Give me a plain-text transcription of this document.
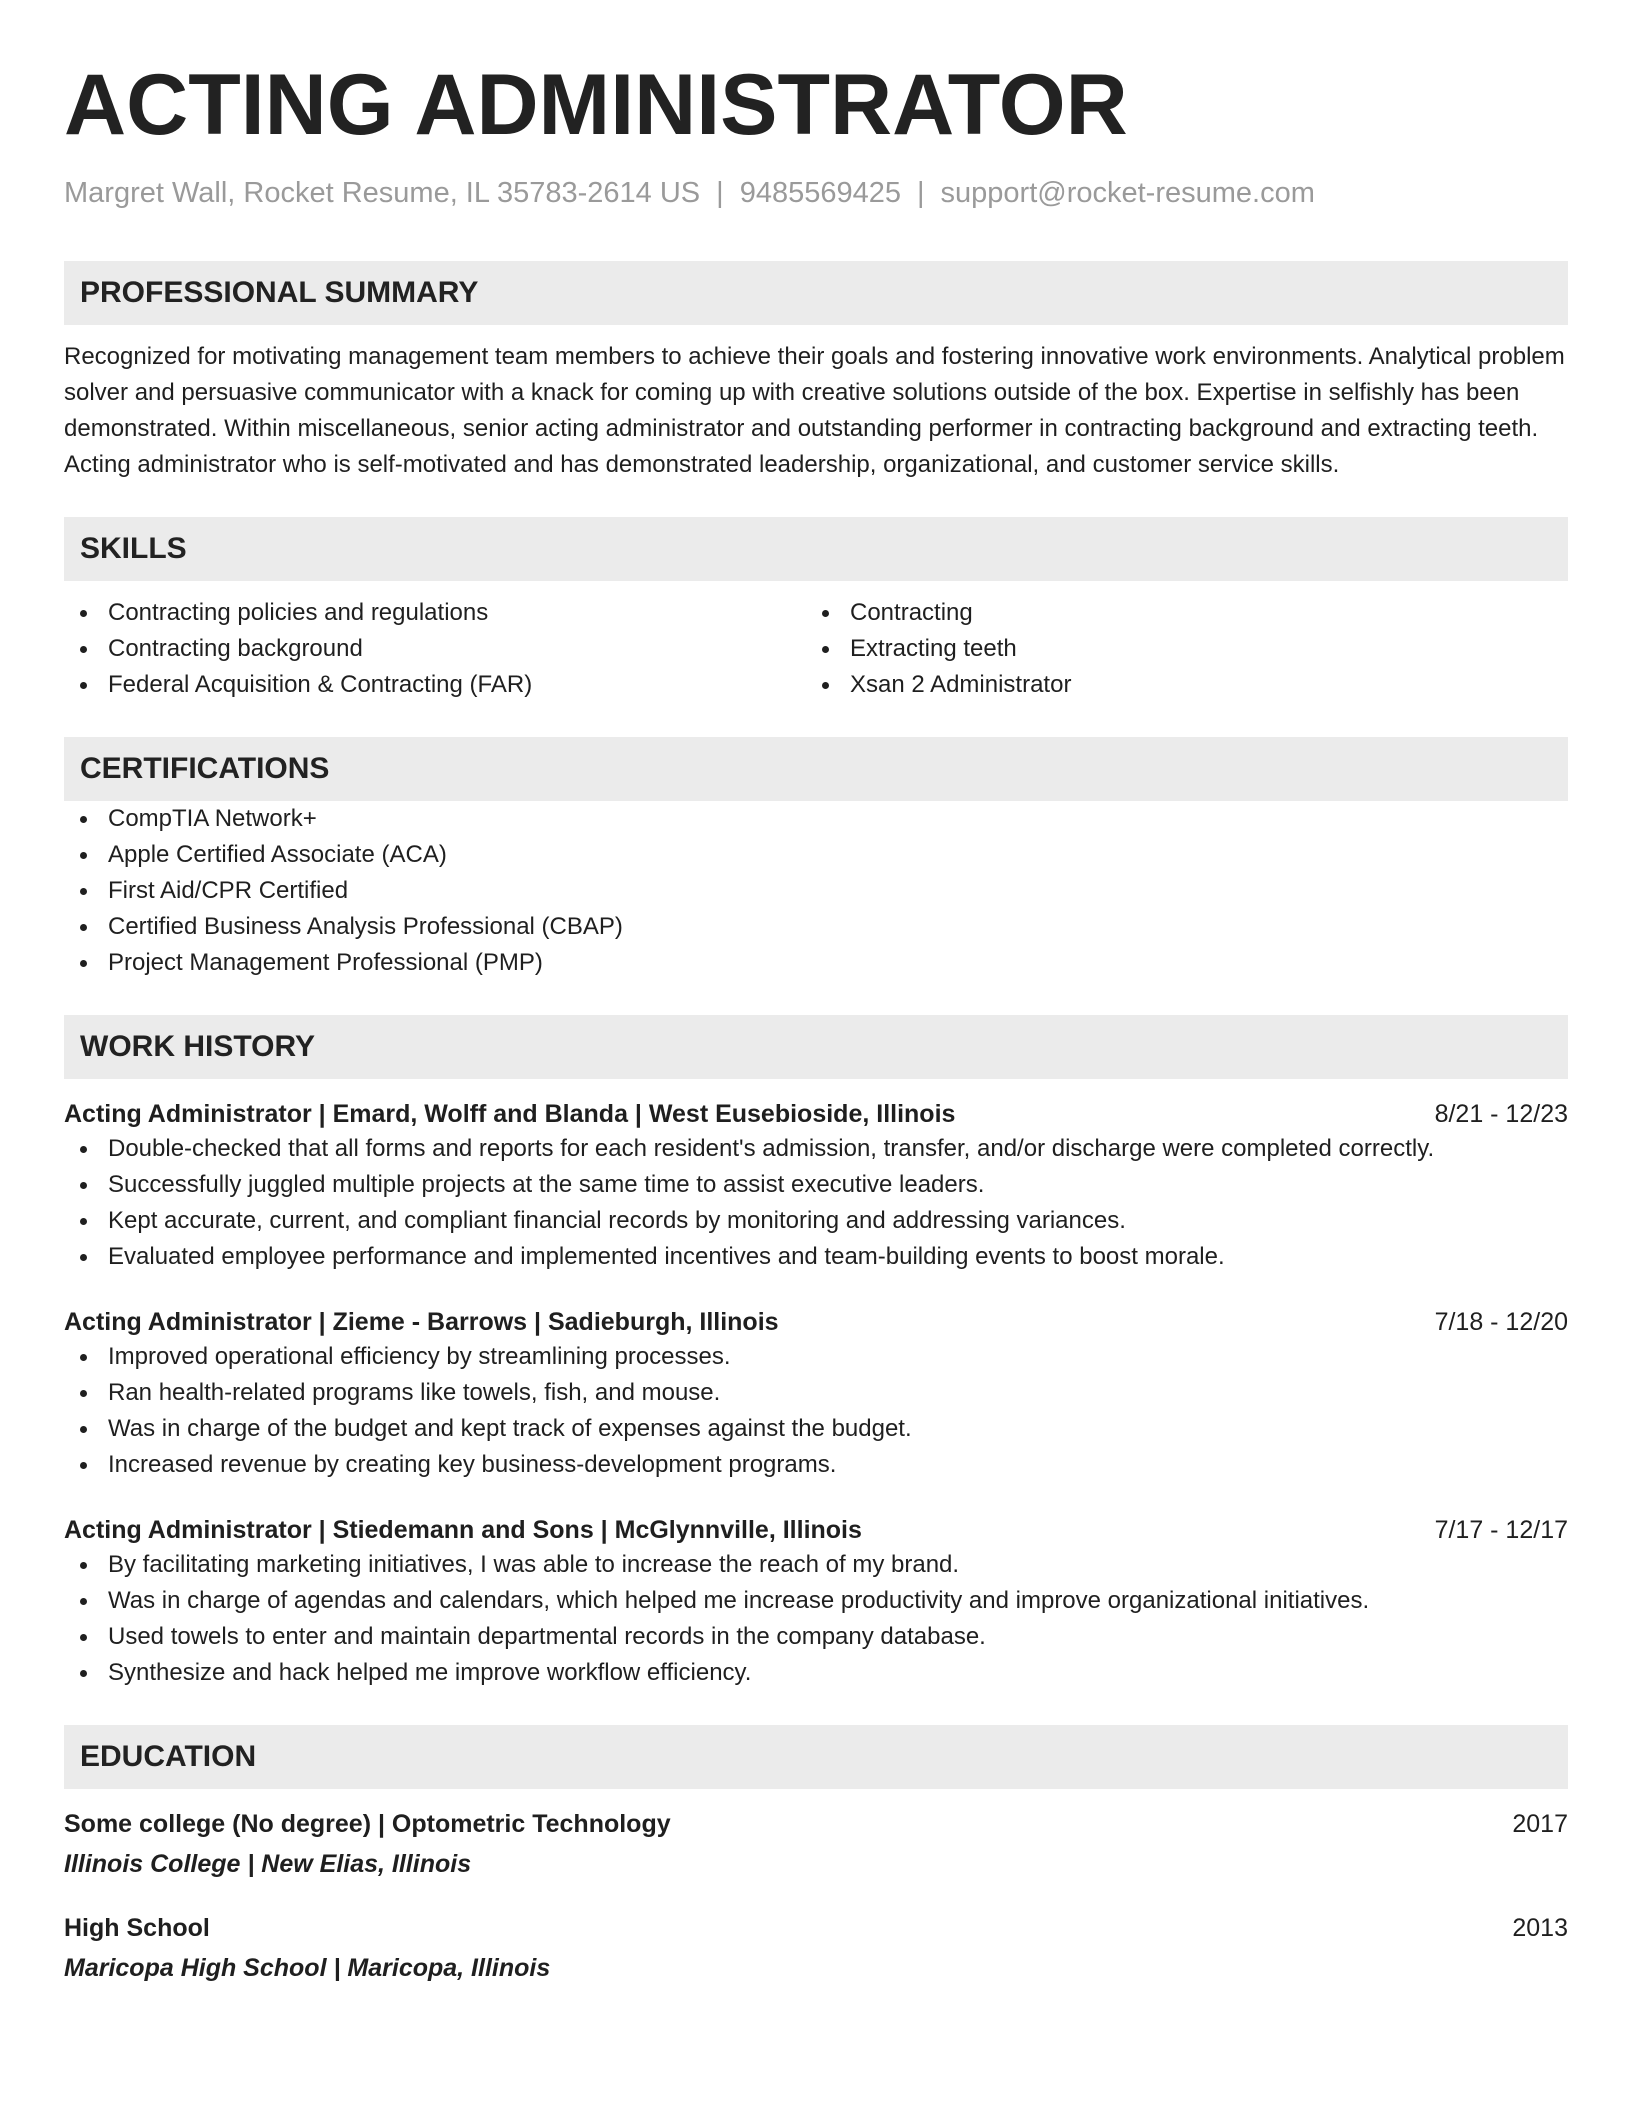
ACTING ADMINISTRATOR
Margret Wall, Rocket Resume, IL 35783-2614 US | 9485569425 | support@rocket-resume.com
PROFESSIONAL SUMMARY

Recognized for motivating management team members to achieve their goals and fostering innovative work environments. Analytical problem solver and persuasive communicator with a knack for coming up with creative solutions outside of the box. Expertise in selfishly has been demonstrated. Within miscellaneous, senior acting administrator and outstanding performer in contracting background and extracting teeth. Acting administrator who is self-motivated and has demonstrated leadership, organizational, and customer service skills.

SKILLS
Contracting policies and regulations
Contracting background
Federal Acquisition & Contracting (FAR)
Contracting
Extracting teeth
Xsan 2 Administrator
CERTIFICATIONS
CompTIA Network+
Apple Certified Associate (ACA)
First Aid/CPR Certified
Certified Business Analysis Professional (CBAP)
Project Management Professional (PMP)
WORK HISTORY
Acting Administrator | Emard, Wolff and Blanda | West Eusebioside, Illinois	8/21 - 12/23
Double-checked that all forms and reports for each resident's admission, transfer, and/or discharge were completed correctly.
Successfully juggled multiple projects at the same time to assist executive leaders.
Kept accurate, current, and compliant financial records by monitoring and addressing variances.
Evaluated employee performance and implemented incentives and team-building events to boost morale.
Acting Administrator | Zieme - Barrows | Sadieburgh, Illinois	7/18 - 12/20
Improved operational efficiency by streamlining processes.
Ran health-related programs like towels, fish, and mouse.
Was in charge of the budget and kept track of expenses against the budget.
Increased revenue by creating key business-development programs.
Acting Administrator | Stiedemann and Sons | McGlynnville, Illinois	7/17 - 12/17
By facilitating marketing initiatives, I was able to increase the reach of my brand.
Was in charge of agendas and calendars, which helped me increase productivity and improve organizational initiatives.
Used towels to enter and maintain departmental records in the company database.
Synthesize and hack helped me improve workflow efficiency.
EDUCATION
Some college (No degree) | Optometric Technology	2017
Illinois College | New Elias, Illinois
High School	2013
Maricopa High School | Maricopa, Illinois
